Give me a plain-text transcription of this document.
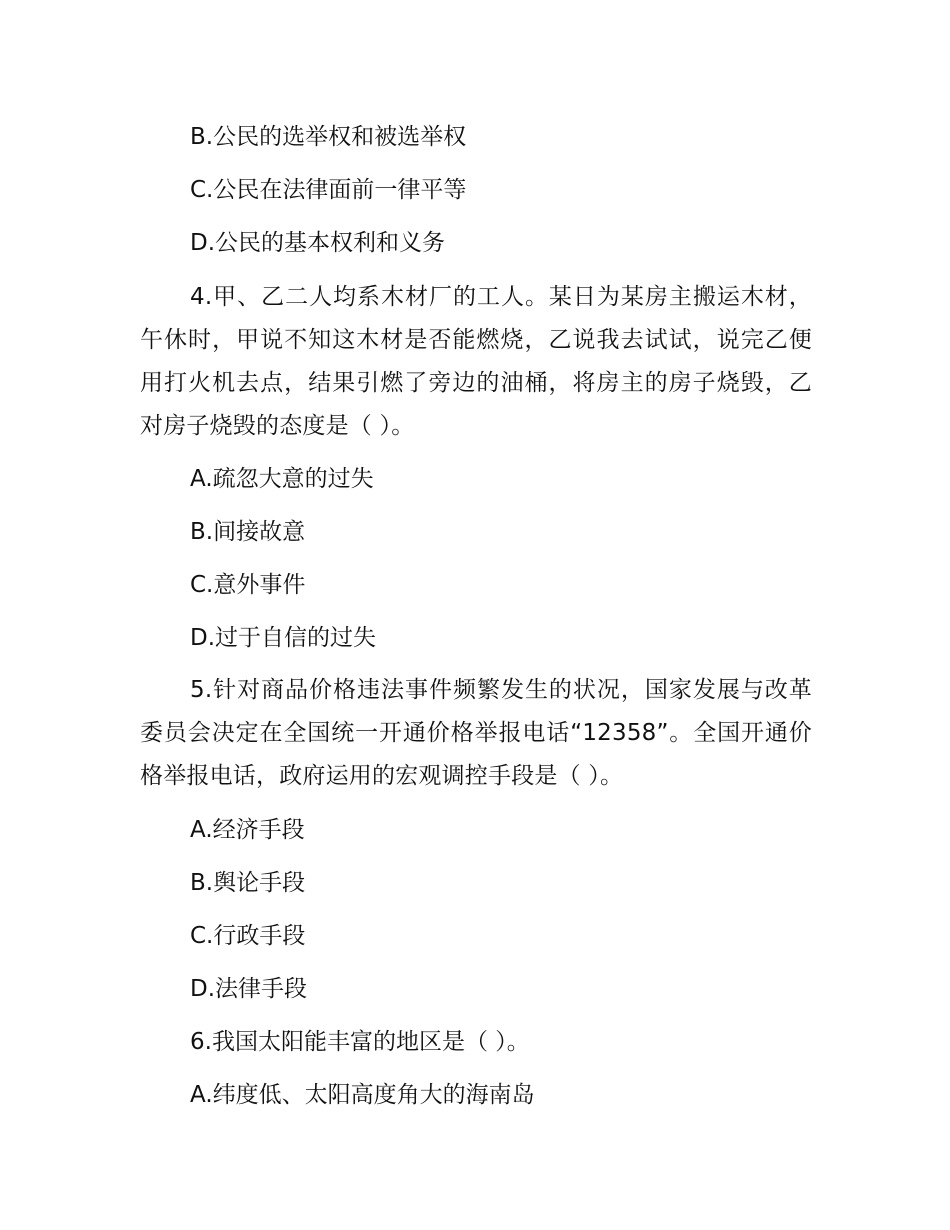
B.公民的选举权和被选举权
C.公民在法律面前一律平等
D.公民的基本权利和义务
4.甲、乙二人均系木材厂的工人。某日为某房主搬运木材，午休时，甲说不知这木材是否能燃烧，乙说我去试试，说完乙便用打火机去点，结果引燃了旁边的油桶，将房主的房子烧毁，乙对房子烧毁的态度是（ ）。
A.疏忽大意的过失
B.间接故意
C.意外事件
D.过于自信的过失
5.针对商品价格违法事件频繁发生的状况，国家发展与改革委员会决定在全国统一开通价格举报电话“12358”。全国开通价格举报电话，政府运用的宏观调控手段是（ ）。
A.经济手段
B.舆论手段
C.行政手段
D.法律手段
6.我国太阳能丰富的地区是（ ）。
A.纬度低、太阳高度角大的海南岛
